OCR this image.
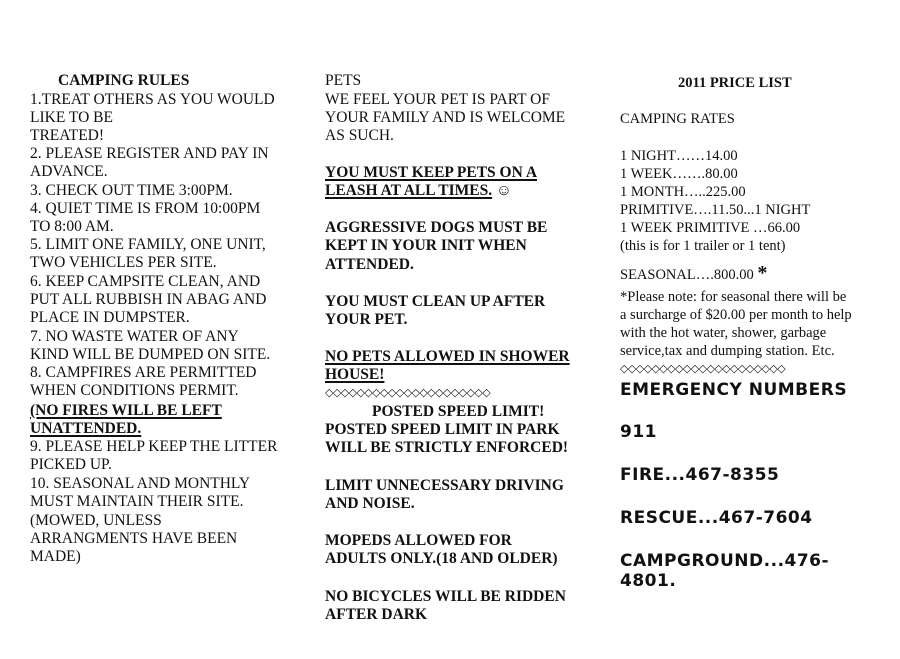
CAMPING RULES
1.TREAT OTHERS AS YOU WOULD
LIKE TO BE
TREATED!
2. PLEASE REGISTER AND PAY IN
ADVANCE.
3. CHECK OUT TIME 3:00PM.
4. QUIET TIME IS FROM 10:00PM
TO 8:00 AM.
5. LIMIT ONE FAMILY, ONE UNIT,
TWO VEHICLES PER SITE.
6. KEEP CAMPSITE CLEAN, AND
PUT ALL RUBBISH IN ABAG AND
PLACE IN DUMPSTER.
7. NO WASTE WATER OF ANY
KIND WILL BE DUMPED ON SITE.
8. CAMPFIRES ARE PERMITTED
WHEN CONDITIONS PERMIT.
(NO FIRES WILL BE LEFT
UNATTENDED.
9. PLEASE HELP KEEP THE LITTER
PICKED UP.
10. SEASONAL AND MONTHLY
MUST MAINTAIN THEIR SITE.
(MOWED, UNLESS
ARRANGMENTS HAVE BEEN
MADE)
PETS
WE FEEL YOUR PET IS PART OF
YOUR FAMILY AND IS WELCOME
AS SUCH.
YOU MUST KEEP PETS ON A
LEASH AT ALL TIMES. ☺
AGGRESSIVE DOGS MUST BE
KEPT IN YOUR INIT WHEN
ATTENDED.
YOU MUST CLEAN UP AFTER
YOUR PET.
NO PETS ALLOWED IN SHOWER
HOUSE!
◇◇◇◇◇◇◇◇◇◇◇◇◇◇◇◇◇◇◇◇◇
POSTED SPEED LIMIT!
POSTED SPEED LIMIT IN PARK
WILL BE STRICTLY ENFORCED!
LIMIT UNNECESSARY DRIVING
AND NOISE.
MOPEDS ALLOWED FOR
ADULTS ONLY.(18 AND OLDER)
NO BICYCLES WILL BE RIDDEN
AFTER DARK
2011 PRICE LIST
CAMPING RATES
1 NIGHT……14.00
1 WEEK…….80.00
1 MONTH…..225.00
PRIMITIVE….11.50...1 NIGHT
1 WEEK PRIMITIVE …66.00
(this is for 1 trailer or 1 tent)
SEASONAL….800.00 *
*Please note: for seasonal there will be
a surcharge of $20.00 per month to help
with the hot water, shower, garbage
service,tax and dumping station. Etc.
◇◇◇◇◇◇◇◇◇◇◇◇◇◇◇◇◇◇◇◇◇
EMERGENCY NUMBERS
911
FIRE...467-8355
RESCUE...467-7604
CAMPGROUND...476-
4801.
